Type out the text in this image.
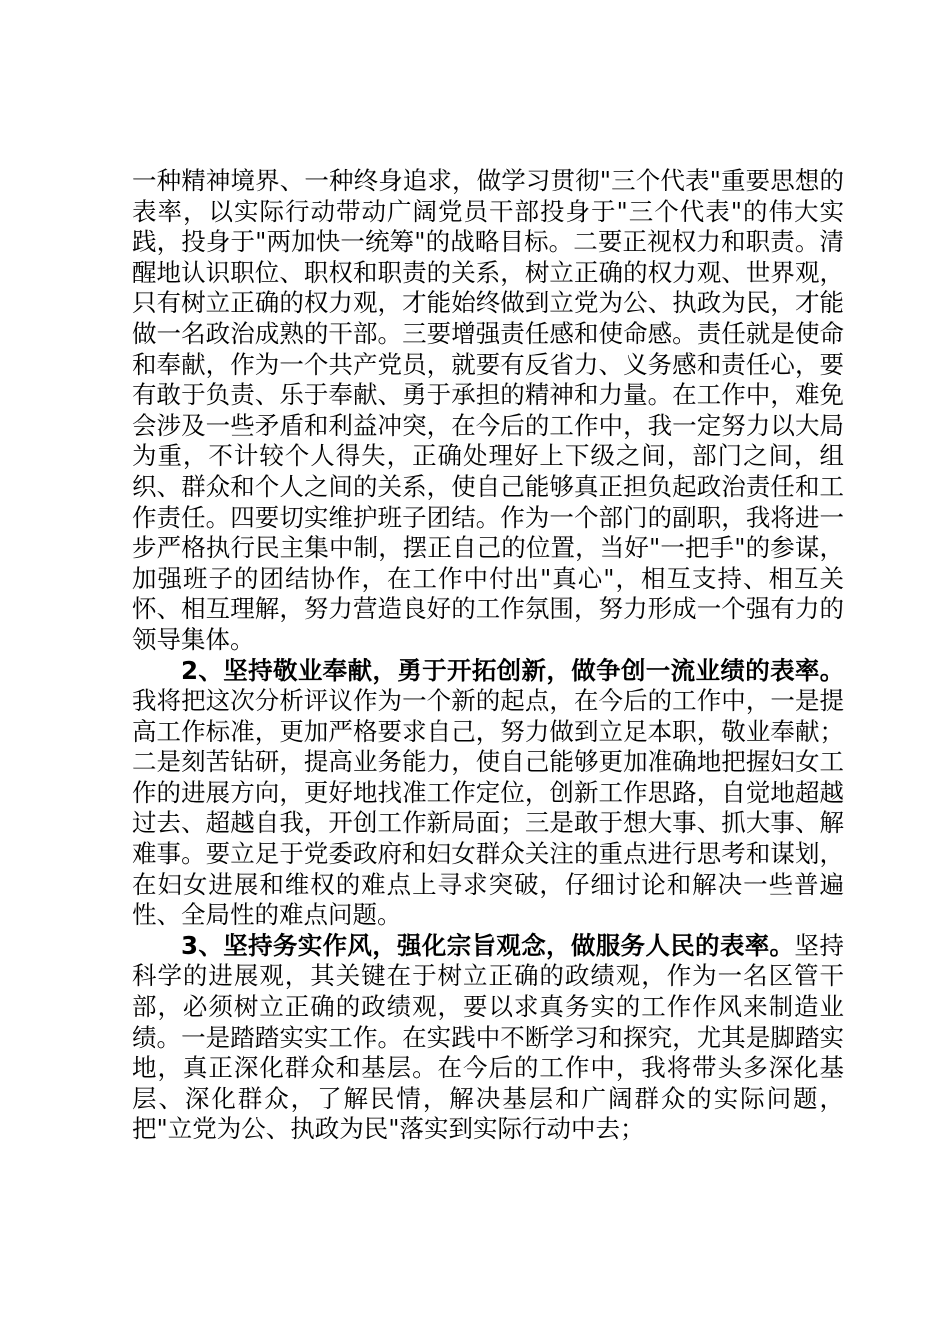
一种精神境界、一种终身追求，做学习贯彻"三个代表"重要思想的表率，以实际行动带动广阔党员干部投身于"三个代表"的伟大实践，投身于"两加快一统筹"的战略目标。二要正视权力和职责。清醒地认识职位、职权和职责的关系，树立正确的权力观、世界观，只有树立正确的权力观，才能始终做到立党为公、执政为民，才能做一名政治成熟的干部。三要增强责任感和使命感。责任就是使命和奉献，作为一个共产党员，就要有反省力、义务感和责任心，要有敢于负责、乐于奉献、勇于承担的精神和力量。在工作中，难免会涉及一些矛盾和利益冲突，在今后的工作中，我一定努力以大局为重，不计较个人得失，正确处理好上下级之间，部门之间，组织、群众和个人之间的关系，使自己能够真正担负起政治责任和工作责任。四要切实维护班子团结。作为一个部门的副职，我将进一步严格执行民主集中制，摆正自己的位置，当好"一把手"的参谋，加强班子的团结协作，在工作中付出"真心"，相互支持、相互关怀、相互理解，努力营造良好的工作氛围，努力形成一个强有力的领导集体。

2、坚持敬业奉献，勇于开拓创新，做争创一流业绩的表率。我将把这次分析评议作为一个新的起点，在今后的工作中，一是提高工作标准，更加严格要求自己，努力做到立足本职，敬业奉献；二是刻苦钻研，提高业务能力，使自己能够更加准确地把握妇女工作的进展方向，更好地找准工作定位，创新工作思路，自觉地超越过去、超越自我，开创工作新局面；三是敢于想大事、抓大事、解难事。要立足于党委政府和妇女群众关注的重点进行思考和谋划，在妇女进展和维权的难点上寻求突破，仔细讨论和解决一些普遍性、全局性的难点问题。

3、坚持务实作风，强化宗旨观念，做服务人民的表率。坚持科学的进展观，其关键在于树立正确的政绩观，作为一名区管干部，必须树立正确的政绩观，要以求真务实的工作作风来制造业绩。一是踏踏实实工作。在实践中不断学习和探究，尤其是脚踏实地，真正深化群众和基层。在今后的工作中，我将带头多深化基层、深化群众，了解民情，解决基层和广阔群众的实际问题，把"立党为公、执政为民"落实到实际行动中去；
